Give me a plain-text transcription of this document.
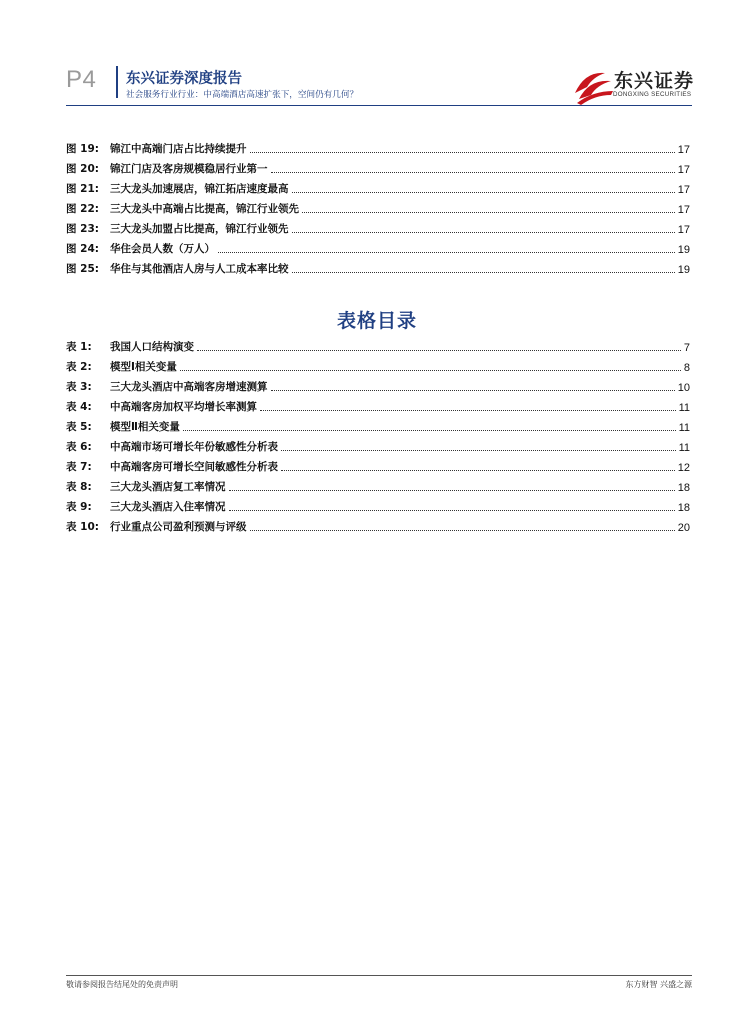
P4 东兴证券深度报告
社会服务行业行业：中高端酒店高速扩张下，空间仍有几何？
东兴证券
DONGXING SECURITIES
图 19:	锦江中高端门店占比持续提升	17
图 20:	锦江门店及客房规模稳居行业第一	17
图 21:	三大龙头加速展店，锦江拓店速度最高	17
图 22:	三大龙头中高端占比提高，锦江行业领先	17
图 23:	三大龙头加盟占比提高，锦江行业领先	17
图 24:	华住会员人数（万人）	19
图 25:	华住与其他酒店人房与人工成本率比较	19
表格目录
表 1:	我国人口结构演变	7
表 2:	模型Ⅰ相关变量	8
表 3:	三大龙头酒店中高端客房增速测算	10
表 4:	中高端客房加权平均增长率测算	11
表 5:	模型Ⅱ相关变量	11
表 6:	中高端市场可增长年份敏感性分析表	11
表 7:	中高端客房可增长空间敏感性分析表	12
表 8:	三大龙头酒店复工率情况	18
表 9:	三大龙头酒店入住率情况	18
表 10:	行业重点公司盈利预测与评级	20
敬请参阅报告结尾处的免责声明	东方财智 兴盛之源
